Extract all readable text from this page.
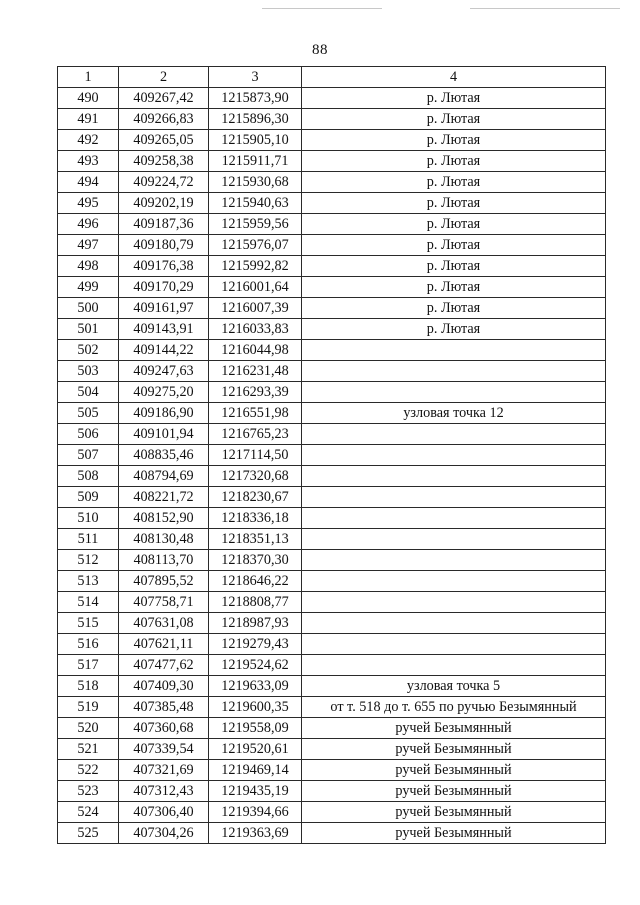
88
1	2	3	4
490	409267,42	1215873,90	р. Лютая
491	409266,83	1215896,30	р. Лютая
492	409265,05	1215905,10	р. Лютая
493	409258,38	1215911,71	р. Лютая
494	409224,72	1215930,68	р. Лютая
495	409202,19	1215940,63	р. Лютая
496	409187,36	1215959,56	р. Лютая
497	409180,79	1215976,07	р. Лютая
498	409176,38	1215992,82	р. Лютая
499	409170,29	1216001,64	р. Лютая
500	409161,97	1216007,39	р. Лютая
501	409143,91	1216033,83	р. Лютая
502	409144,22	1216044,98	
503	409247,63	1216231,48	
504	409275,20	1216293,39	
505	409186,90	1216551,98	узловая точка 12
506	409101,94	1216765,23	
507	408835,46	1217114,50	
508	408794,69	1217320,68	
509	408221,72	1218230,67	
510	408152,90	1218336,18	
511	408130,48	1218351,13	
512	408113,70	1218370,30	
513	407895,52	1218646,22	
514	407758,71	1218808,77	
515	407631,08	1218987,93	
516	407621,11	1219279,43	
517	407477,62	1219524,62	
518	407409,30	1219633,09	узловая точка 5
519	407385,48	1219600,35	от т. 518 до т. 655 по ручью Безымянный
520	407360,68	1219558,09	ручей Безымянный
521	407339,54	1219520,61	ручей Безымянный
522	407321,69	1219469,14	ручей Безымянный
523	407312,43	1219435,19	ручей Безымянный
524	407306,40	1219394,66	ручей Безымянный
525	407304,26	1219363,69	ручей Безымянный
